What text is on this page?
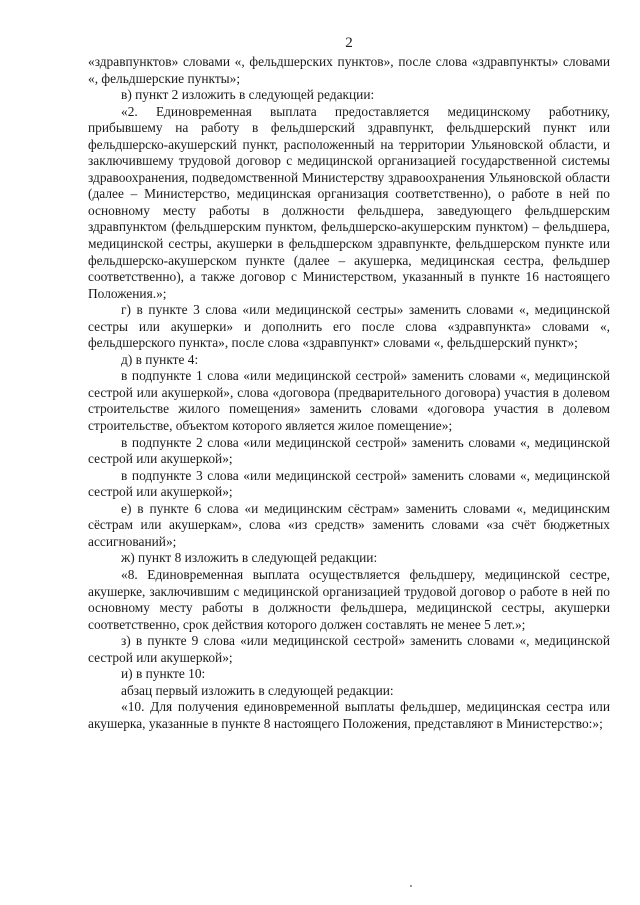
2

«здравпунктов» словами «, фельдшерских пунктов», после слова «здравпункты» словами «, фельдшерские пункты»;

в) пункт 2 изложить в следующей редакции:

«2. Единовременная выплата предоставляется медицинскому работнику, прибывшему на работу в фельдшерский здравпункт, фельдшерский пункт или фельдшерско-акушерский пункт, расположенный на территории Ульяновской области, и заключившему трудовой договор с медицинской организацией государственной системы здравоохранения, подведомственной Министерству здравоохранения Ульяновской области (далее – Министерство, медицинская организация соответственно), о работе в ней по основному месту работы в должности фельдшера, заведующего фельдшерским здравпунктом (фельдшерским пунктом, фельдшерско-акушерским пунктом) – фельдшера, медицинской сестры, акушерки в фельдшерском здравпункте, фельдшерском пункте или фельдшерско-акушерском пункте (далее – акушерка, медицинская сестра, фельдшер соответственно), а также договор с Министерством, указанный в пункте 16 настоящего Положения.»;

г) в пункте 3 слова «или медицинской сестры» заменить словами «, медицинской сестры или акушерки» и дополнить его после слова «здравпункта» словами «, фельдшерского пункта», после слова «здравпункт» словами «, фельдшерский пункт»;

д) в пункте 4:

в подпункте 1 слова «или медицинской сестрой» заменить словами «, медицинской сестрой или акушеркой», слова «договора (предварительного договора) участия в долевом строительстве жилого помещения» заменить словами «договора участия в долевом строительстве, объектом которого является жилое помещение»;

в подпункте 2 слова «или медицинской сестрой» заменить словами «, медицинской сестрой или акушеркой»;

в подпункте 3 слова «или медицинской сестрой» заменить словами «, медицинской сестрой или акушеркой»;

е) в пункте 6 слова «и медицинским сёстрам» заменить словами «, медицинским сёстрам или акушеркам», слова «из средств» заменить словами «за счёт бюджетных ассигнований»;

ж) пункт 8 изложить в следующей редакции:

«8. Единовременная выплата осуществляется фельдшеру, медицинской сестре, акушерке, заключившим с медицинской организацией трудовой договор о работе в ней по основному месту работы в должности фельдшера, медицинской сестры, акушерки соответственно, срок действия которого должен составлять не менее 5 лет.»;

з) в пункте 9 слова «или медицинской сестрой» заменить словами «, медицинской сестрой или акушеркой»;

и) в пункте 10:

абзац первый изложить в следующей редакции:

«10. Для получения единовременной выплаты фельдшер, медицинская сестра или акушерка, указанные в пункте 8 настоящего Положения, представляют в Министерство:»;
